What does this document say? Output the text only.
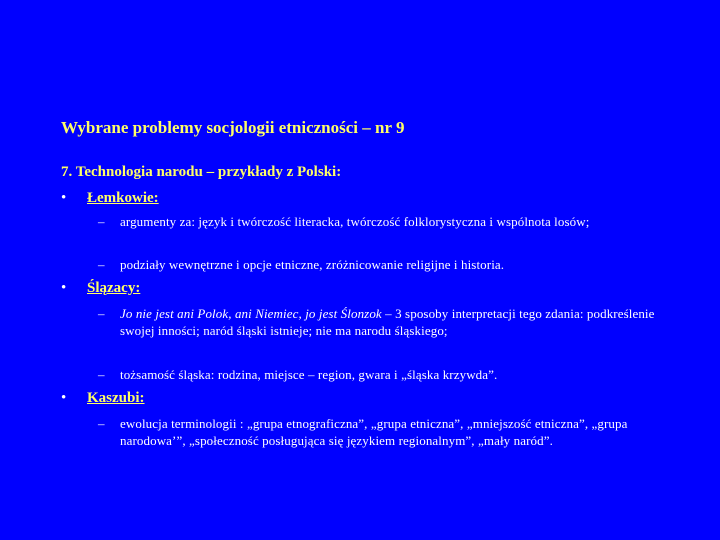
Wybrane problemy socjologii etniczności – nr 9
7. Technologia narodu – przykłady z Polski:
• Łemkowie:
– argumenty za: język i twórczość literacka, twórczość folklorystyczna i wspólnota losów;
– podziały wewnętrzne i opcje etniczne, zróżnicowanie religijne i historia.
• Ślązacy:
– Jo nie jest ani Polok, ani Niemiec, jo jest Ślonzok – 3 sposoby interpretacji tego zdania: podkreślenie swojej inności; naród śląski istnieje; nie ma narodu śląskiego;
– tożsamość śląska: rodzina, miejsce – region, gwara i „śląska krzywda”.
• Kaszubi:
– ewolucja terminologii : „grupa etnograficzna”, „grupa etniczna”, „mniejszość etniczna”, „grupa narodowa’”, „społeczność posługująca się językiem regionalnym”, „mały naród”.
